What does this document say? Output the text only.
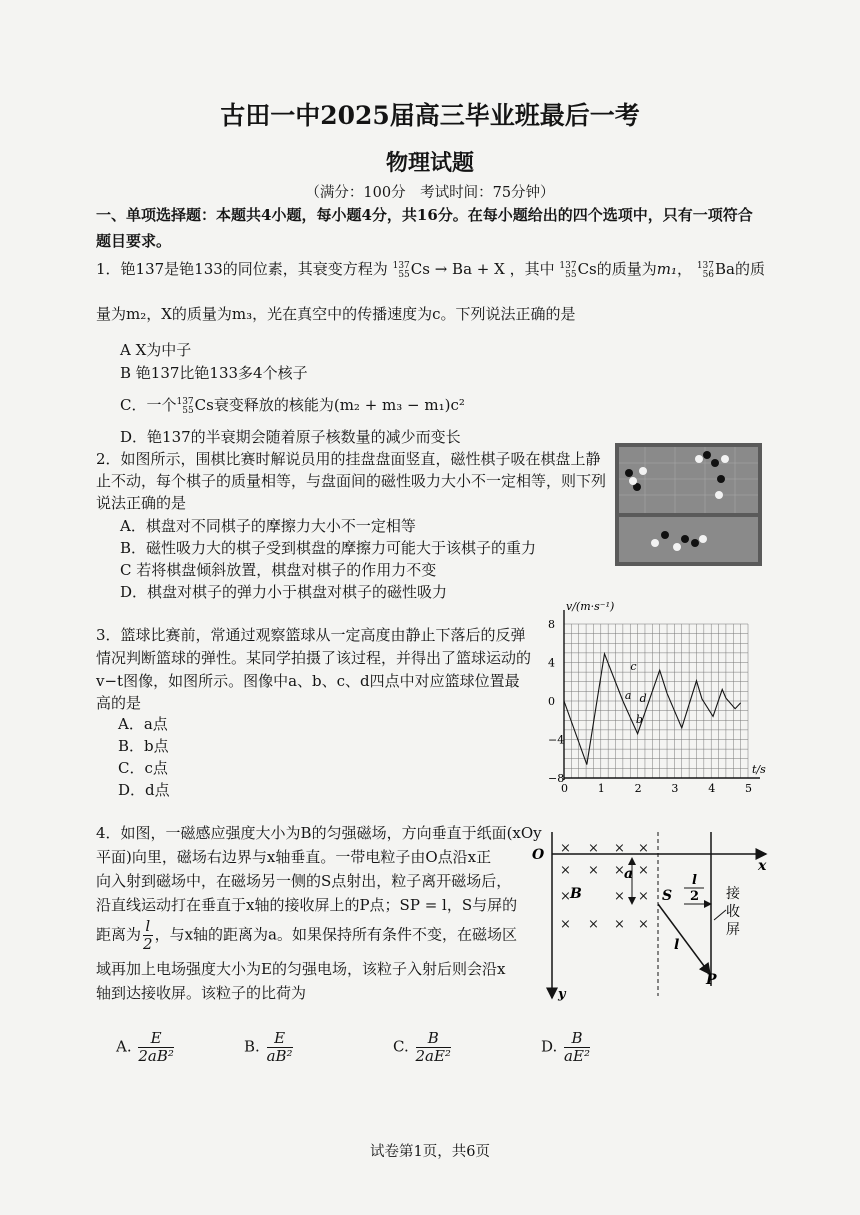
古田一中2025届高三毕业班最后一考
物理试题
（满分：100分　考试时间：75分钟）
一、单项选择题：本题共4小题，每小题4分，共16分。在每小题给出的四个选项中，只有一项符合题目要求。
1．铯137是铯133的同位素，其衰变方程为 137
55 Cs → Ba + X ，其中 137
55 Cs的质量为m₁， 137
56 Ba的质
量为m₂，X的质量为m₃，光在真空中的传播速度为c。下列说法正确的是
A X为中子
B 铯137比铯133多4个核子
C．一个 137
55 Cs衰变释放的核能为(m₂ + m₃ − m₁)c²
D．铯137的半衰期会随着原子核数量的减少而变长
2．如图所示，围棋比赛时解说员用的挂盘盘面竖直，磁性棋子吸在棋盘上静
止不动，每个棋子的质量相等，与盘面间的磁性吸力大小不一定相等，则下列
说法正确的是
A．棋盘对不同棋子的摩擦力大小不一定相等
B．磁性吸力大的棋子受到棋盘的摩擦力可能大于该棋子的重力
C 若将棋盘倾斜放置，棋盘对棋子的作用力不变
D．棋盘对棋子的弹力小于棋盘对棋子的磁性吸力
3．篮球比赛前，常通过观察篮球从一定高度由静止下落后的反弹
情况判断篮球的弹性。某同学拍摄了该过程，并得出了篮球运动的
v−t图像，如图所示。图像中a、b、c、d四点中对应篮球位置最
高的是
A．a点
B．b点
C．c点
D．d点	0	1	2	3	4	5
8
4
0
−4
−8
a
b
c
d
v/(m·s⁻¹)
t/s
4．如图，一磁感应强度大小为B的匀强磁场，方向垂直于纸面(xOy
平面)向里，磁场右边界与x轴垂直。一带电粒子由O点沿x正
向入射到磁场中，在磁场另一侧的S点射出，粒子离开磁场后，
沿直线运动打在垂直于x轴的接收屏上的P点；SP = l，S与屏的
距离为 $\frac{l}{2}$ ，与x轴的距离为a。如果保持所有条件不变，在磁场区
域再加上电场强度大小为E的匀强电场，该粒子入射后则会沿x
轴到达接收屏。该粒子的比荷为
A. $\frac{E}{\text{2aB²}}$	B. $\frac{E}{\text{aB²}}$	C. $\frac{B}{\text{2aE²}}$	D. $\frac{B}{\text{aE²}}$
× × × ×
× × × ×
×	× ×
× × × ×
O
x
y
B	S
P
a
l
l
2 接
收
屏
试卷第1页，共6页
